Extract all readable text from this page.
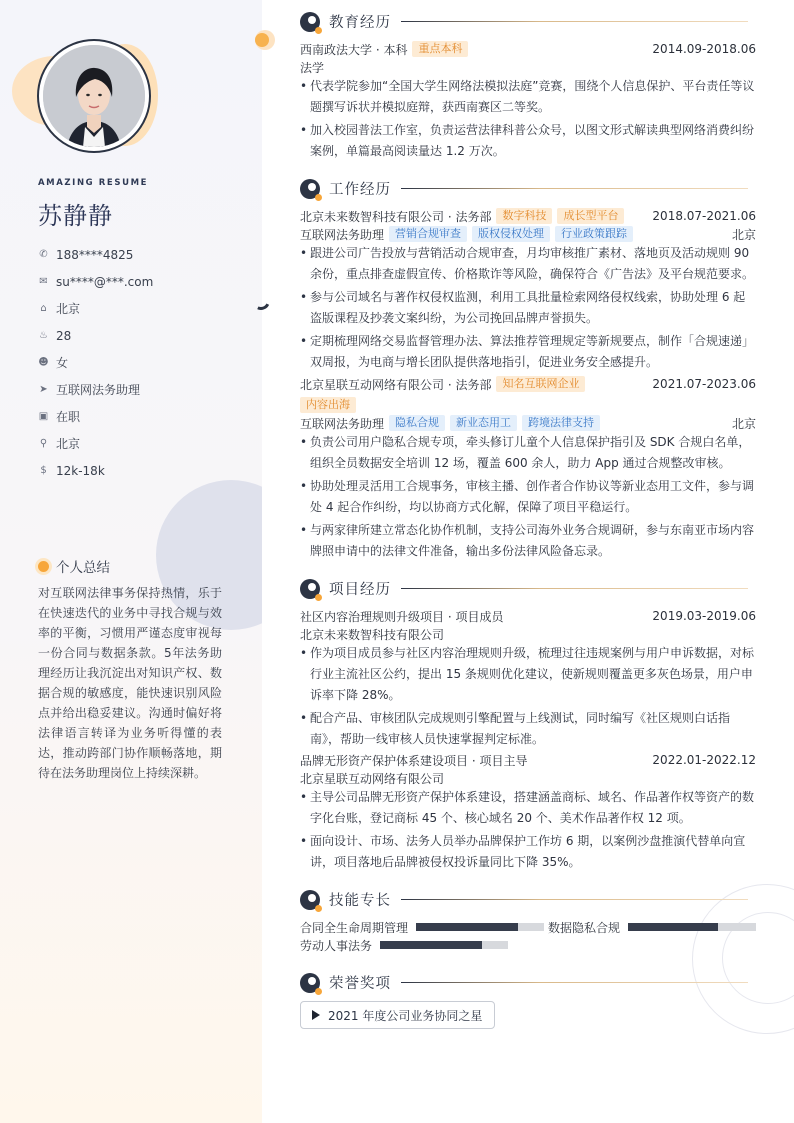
AMAZING RESUME
苏静静
✆ 188****4825
✉ su****@***.com
⌂ 北京
♨ 28
☻ 女
➤ 互联网法务助理
▣ 在职
⚲ 北京
$ 12k-18k
个人总结
对互联网法律事务保持热情，乐于在快速迭代的业务中寻找合规与效率的平衡，习惯用严谨态度审视每一份合同与数据条款。5年法务助理经历让我沉淀出对知识产权、数据合规的敏感度，能快速识别风险点并给出稳妥建议。沟通时偏好将法律语言转译为业务听得懂的表达，推动跨部门协作顺畅落地，期待在法务助理岗位上持续深耕。
教育经历
西南政法大学 · 本科	重点本科	2014.09-2018.06
法学
• 代表学院参加“全国大学生网络法模拟法庭”竞赛，围绕个人信息保护、平台责任等议题撰写诉状并模拟庭辩，获西南赛区二等奖。
• 加入校园普法工作室，负责运营法律科普公众号，以图文形式解读典型网络消费纠纷案例，单篇最高阅读量达 1.2 万次。
工作经历
北京未来数智科技有限公司 · 法务部	数字科技	成长型平台	2018.07-2021.06
互联网法务助理	营销合规审查	版权侵权处理	行业政策跟踪	北京
• 跟进公司广告投放与营销活动合规审查，月均审核推广素材、落地页及活动规则 90 余份，重点排查虚假宣传、价格欺诈等风险，确保符合《广告法》及平台规范要求。
• 参与公司域名与著作权侵权监测，利用工具批量检索网络侵权线索，协助处理 6 起盗版课程及抄袭文案纠纷，为公司挽回品牌声誉损失。
• 定期梳理网络交易监督管理办法、算法推荐管理规定等新规要点，制作「合规速递」双周报，为电商与增长团队提供落地指引，促进业务安全感提升。
北京星联互动网络有限公司 · 法务部	知名互联网企业	2021.07-2023.06
内容出海
互联网法务助理	隐私合规	新业态用工	跨境法律支持	北京
• 负责公司用户隐私合规专项，牵头修订儿童个人信息保护指引及 SDK 合规白名单，组织全员数据安全培训 12 场，覆盖 600 余人，助力 App 通过合规整改审核。
• 协助处理灵活用工合规事务，审核主播、创作者合作协议等新业态用工文件，参与调处 4 起合作纠纷，均以协商方式化解，保障了项目平稳运行。
• 与两家律所建立常态化协作机制，支持公司海外业务合规调研，参与东南亚市场内容牌照申请中的法律文件准备，输出多份法律风险备忘录。
项目经历
社区内容治理规则升级项目 · 项目成员	2019.03-2019.06
北京未来数智科技有限公司
• 作为项目成员参与社区内容治理规则升级，梳理过往违规案例与用户申诉数据，对标行业主流社区公约，提出 15 条规则优化建议，使新规则覆盖更多灰色场景，用户申诉率下降 28%。
• 配合产品、审核团队完成规则引擎配置与上线测试，同时编写《社区规则白话指南》，帮助一线审核人员快速掌握判定标准。
品牌无形资产保护体系建设项目 · 项目主导	2022.01-2022.12
北京星联互动网络有限公司
• 主导公司品牌无形资产保护体系建设，搭建涵盖商标、域名、作品著作权等资产的数字化台账，登记商标 45 个、核心域名 20 个、美术作品著作权 12 项。
• 面向设计、市场、法务人员举办品牌保护工作坊 6 期，以案例沙盘推演代替单向宣讲，项目落地后品牌被侵权投诉量同比下降 35%。
技能专长
合同全生命周期管理	数据隐私合规
劳动人事法务
荣誉奖项
2021 年度公司业务协同之星
